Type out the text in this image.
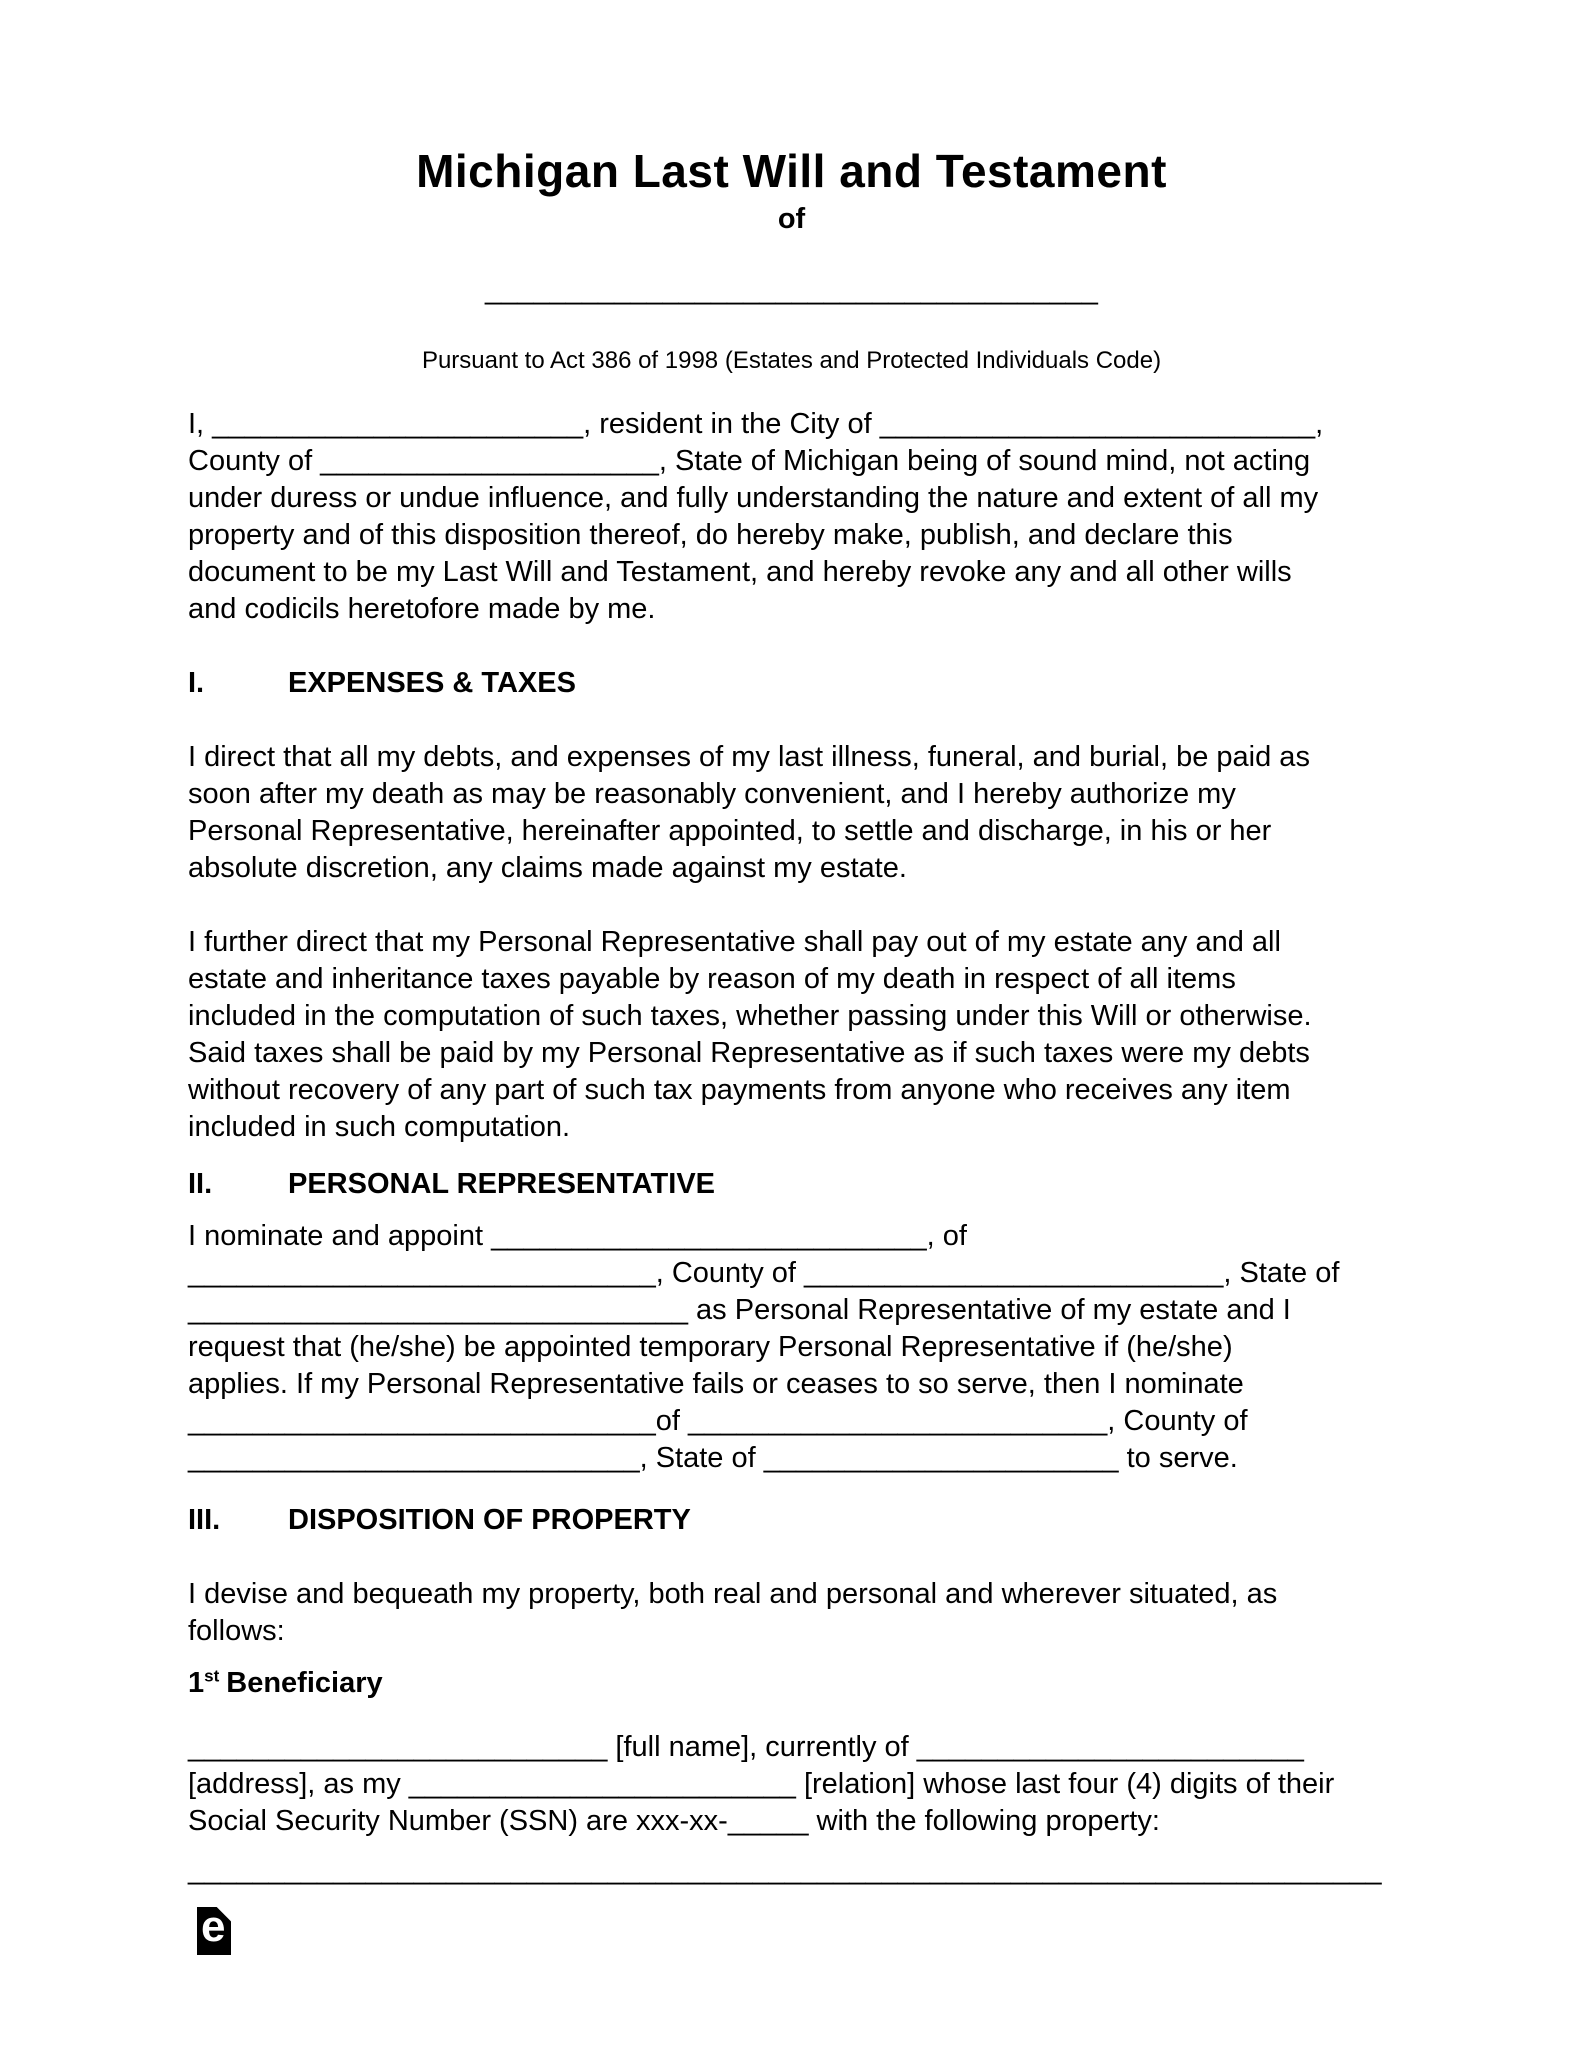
Michigan Last Will and Testament
of
______________________________________
Pursuant to Act 386 of 1998 (Estates and Protected Individuals Code)
I, _______________________, resident in the City of ___________________________,
County of _____________________, State of Michigan being of sound mind, not acting
under duress or undue influence, and fully understanding the nature and extent of all my
property and of this disposition thereof, do hereby make, publish, and declare this
document to be my Last Will and Testament, and hereby revoke any and all other wills
and codicils heretofore made by me.
I.	EXPENSES & TAXES
I direct that all my debts, and expenses of my last illness, funeral, and burial, be paid as
soon after my death as may be reasonably convenient, and I hereby authorize my
Personal Representative, hereinafter appointed, to settle and discharge, in his or her
absolute discretion, any claims made against my estate.
I further direct that my Personal Representative shall pay out of my estate any and all
estate and inheritance taxes payable by reason of my death in respect of all items
included in the computation of such taxes, whether passing under this Will or otherwise.
Said taxes shall be paid by my Personal Representative as if such taxes were my debts
without recovery of any part of such tax payments from anyone who receives any item
included in such computation.
II.	PERSONAL REPRESENTATIVE
I nominate and appoint ___________________________, of
_____________________________, County of __________________________, State of
_______________________________ as Personal Representative of my estate and I
request that (he/she) be appointed temporary Personal Representative if (he/she)
applies. If my Personal Representative fails or ceases to so serve, then I nominate
_____________________________of __________________________, County of
____________________________, State of ______________________ to serve.
III. DISPOSITION OF PROPERTY
I devise and bequeath my property, both real and personal and wherever situated, as
follows:
1st Beneficiary
__________________________ [full name], currently of ________________________
[address], as my ________________________ [relation] whose last four (4) digits of their
Social Security Number (SSN) are xxx-xx-_____ with the following property:
__________________________________________________________________________
e
